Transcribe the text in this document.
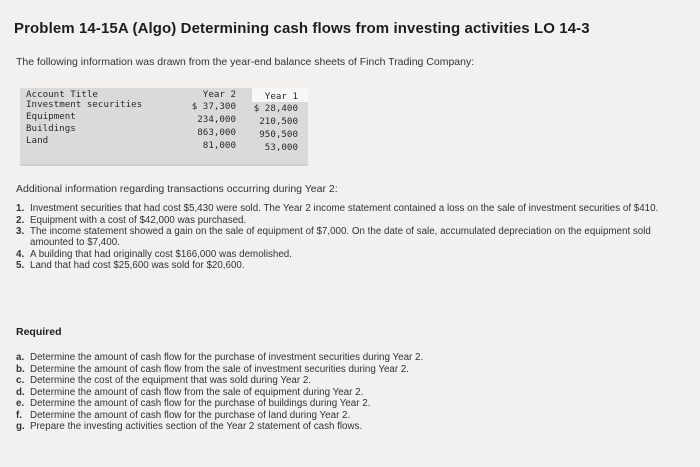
Problem 14-15A (Algo) Determining cash flows from investing activities LO 14-3
The following information was drawn from the year-end balance sheets of Finch Trading Company:
Account Title	Year 2	Year 1
Investment securities	$ 37,300	$ 28,400
Equipment	234,000	210,500
Buildings	863,000	950,500
Land	81,000	53,000
Additional information regarding transactions occurring during Year 2:
1. Investment securities that had cost $5,430 were sold. The Year 2 income statement contained a loss on the sale of investment securities of $410.
2. Equipment with a cost of $42,000 was purchased.
3. The income statement showed a gain on the sale of equipment of $7,000. On the date of sale, accumulated depreciation on the equipment sold amounted to $7,400.
4. A building that had originally cost $166,000 was demolished.
5. Land that had cost $25,600 was sold for $20,600.
Required
a. Determine the amount of cash flow for the purchase of investment securities during Year 2.
b. Determine the amount of cash flow from the sale of investment securities during Year 2.
c. Determine the cost of the equipment that was sold during Year 2.
d. Determine the amount of cash flow from the sale of equipment during Year 2.
e. Determine the amount of cash flow for the purchase of buildings during Year 2.
f. Determine the amount of cash flow for the purchase of land during Year 2.
g. Prepare the investing activities section of the Year 2 statement of cash flows.
